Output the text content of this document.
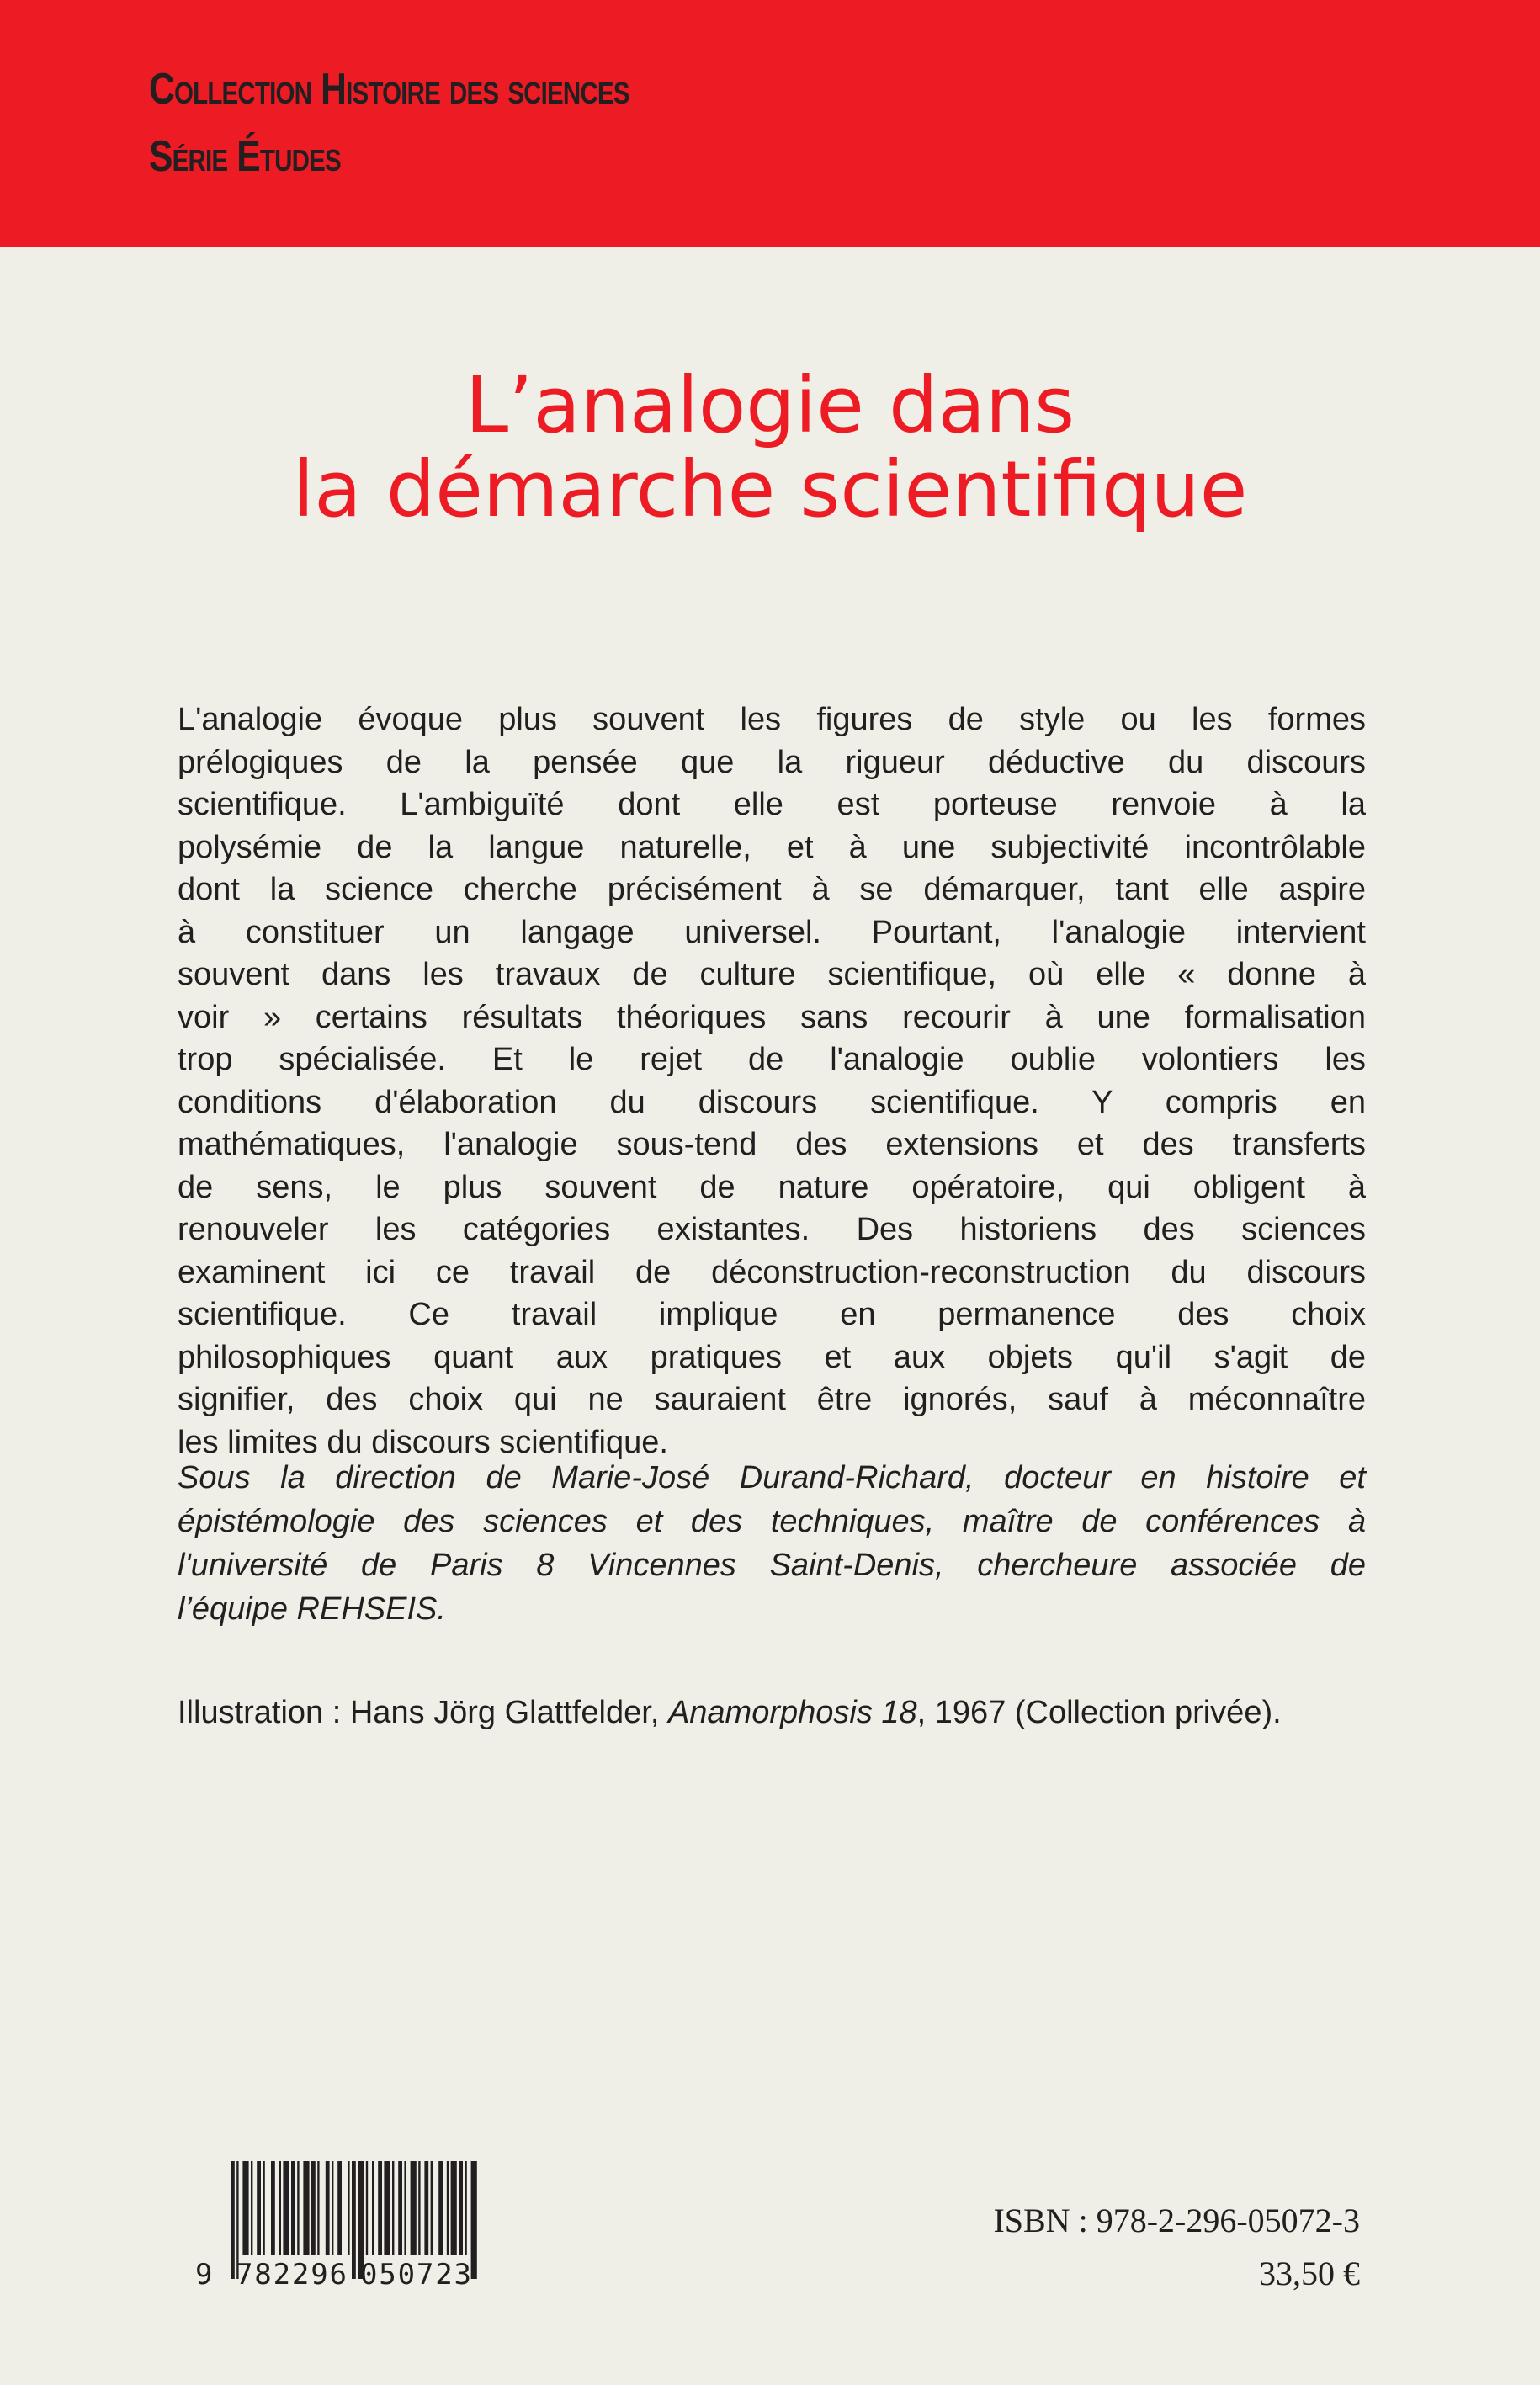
Collection Histoire des sciences
Série Études
L’analogie dans
la démarche scientifique
L'analogie évoque plus souvent les figures de style ou les formes
prélogiques de la pensée que la rigueur déductive du discours
scientifique. L'ambiguïté dont elle est porteuse renvoie à la
polysémie de la langue naturelle, et à une subjectivité incontrôlable
dont la science cherche précisément à se démarquer, tant elle aspire
à constituer un langage universel. Pourtant, l'analogie intervient
souvent dans les travaux de culture scientifique, où elle « donne à
voir » certains résultats théoriques sans recourir à une formalisation
trop spécialisée. Et le rejet de l'analogie oublie volontiers les
conditions d'élaboration du discours scientifique. Y compris en
mathématiques, l'analogie sous-tend des extensions et des transferts
de sens, le plus souvent de nature opératoire, qui obligent à
renouveler les catégories existantes. Des historiens des sciences
examinent ici ce travail de déconstruction-reconstruction du discours
scientifique. Ce travail implique en permanence des choix
philosophiques quant aux pratiques et aux objets qu'il s'agit de
signifier, des choix qui ne sauraient être ignorés, sauf à méconnaître
les limites du discours scientifique.
Sous la direction de Marie-José Durand-Richard, docteur en histoire et
épistémologie des sciences et des techniques, maître de conférences à
l'université de Paris 8 Vincennes Saint-Denis, chercheure associée de
l’équipe REHSEIS.
Illustration : Hans Jörg Glattfelder, Anamorphosis 18, 1967 (Collection privée).
9 782296 050723
ISBN : 978-2-296-05072-3
33,50 €
